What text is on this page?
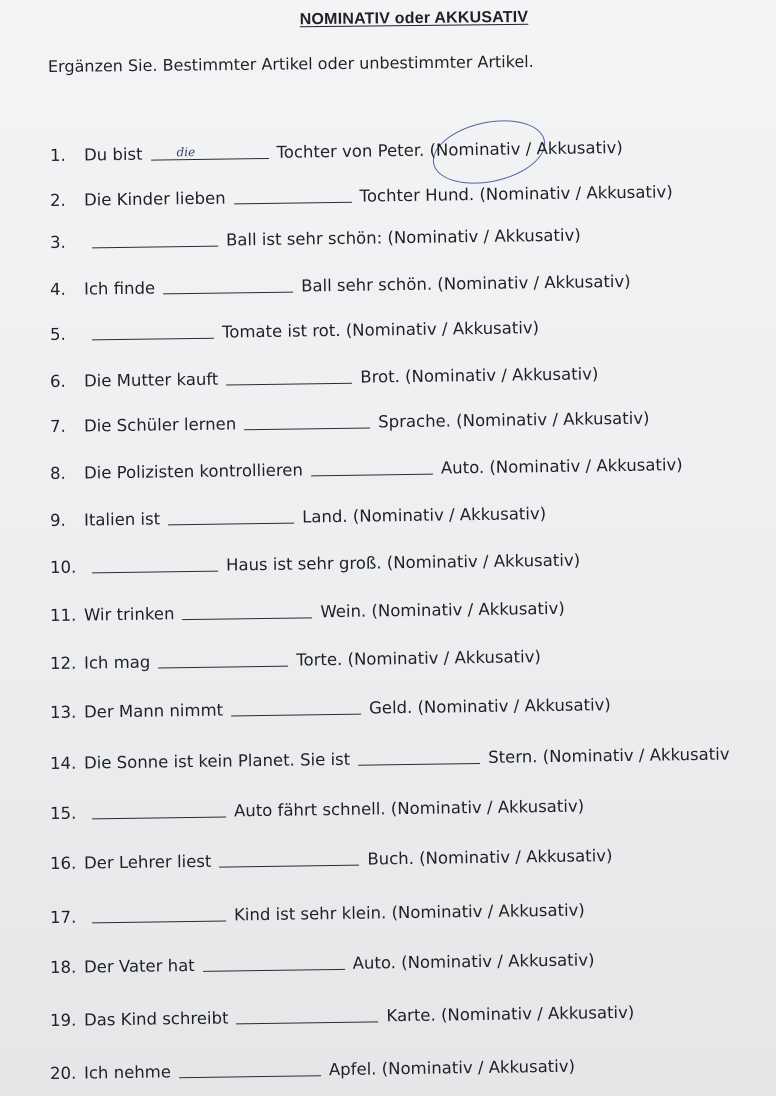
NOMINATIV oder AKKUSATIV
Ergänzen Sie. Bestimmter Artikel oder unbestimmter Artikel.
1.	Du bist	die	Tochter von Peter. (Nominativ / Akkusativ)
2.	Die Kinder lieben	Tochter Hund. (Nominativ / Akkusativ)
3.	Ball ist sehr schön: (Nominativ / Akkusativ)
4.	Ich finde	Ball sehr schön. (Nominativ / Akkusativ)
5.	Tomate ist rot. (Nominativ / Akkusativ)
6.	Die Mutter kauft	Brot. (Nominativ / Akkusativ)
7.	Die Schüler lernen	Sprache. (Nominativ / Akkusativ)
8.	Die Polizisten kontrollieren	Auto. (Nominativ / Akkusativ)
9.	Italien ist	Land. (Nominativ / Akkusativ)
10.	Haus ist sehr groß. (Nominativ / Akkusativ)
11. Wir trinken	Wein. (Nominativ / Akkusativ)
12. Ich mag	Torte. (Nominativ / Akkusativ)
13. Der Mann nimmt	Geld. (Nominativ / Akkusativ)
14. Die Sonne ist kein Planet. Sie ist	Stern. (Nominativ / Akkusativ
15.	Auto fährt schnell. (Nominativ / Akkusativ)
16. Der Lehrer liest	Buch. (Nominativ / Akkusativ)
17.	Kind ist sehr klein. (Nominativ / Akkusativ)
18. Der Vater hat	Auto. (Nominativ / Akkusativ)
19. Das Kind schreibt	Karte. (Nominativ / Akkusativ)
20. Ich nehme	Apfel. (Nominativ / Akkusativ)
